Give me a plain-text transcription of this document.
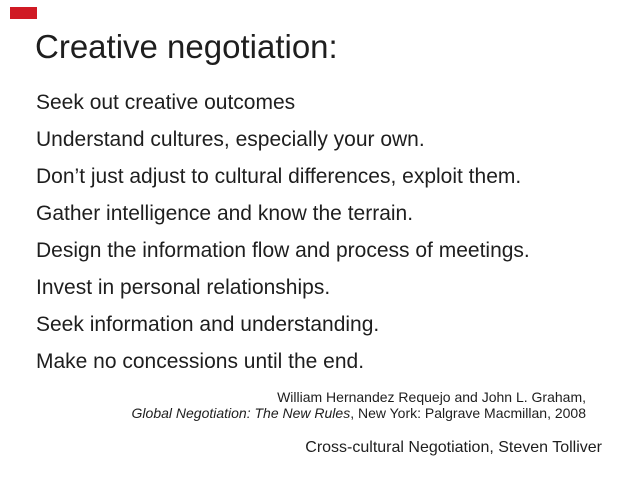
Creative negotiation:
Seek out creative outcomes
Understand cultures, especially your own.
Don’t just adjust to cultural differences, exploit them.
Gather intelligence and know the terrain.
Design the information flow and process of meetings.
Invest in personal relationships.
Seek information and understanding.
Make no concessions until the end.
William Hernandez Requejo and John L. Graham,
Global Negotiation: The New Rules, New York: Palgrave Macmillan, 2008
Cross-cultural Negotiation, Steven Tolliver
